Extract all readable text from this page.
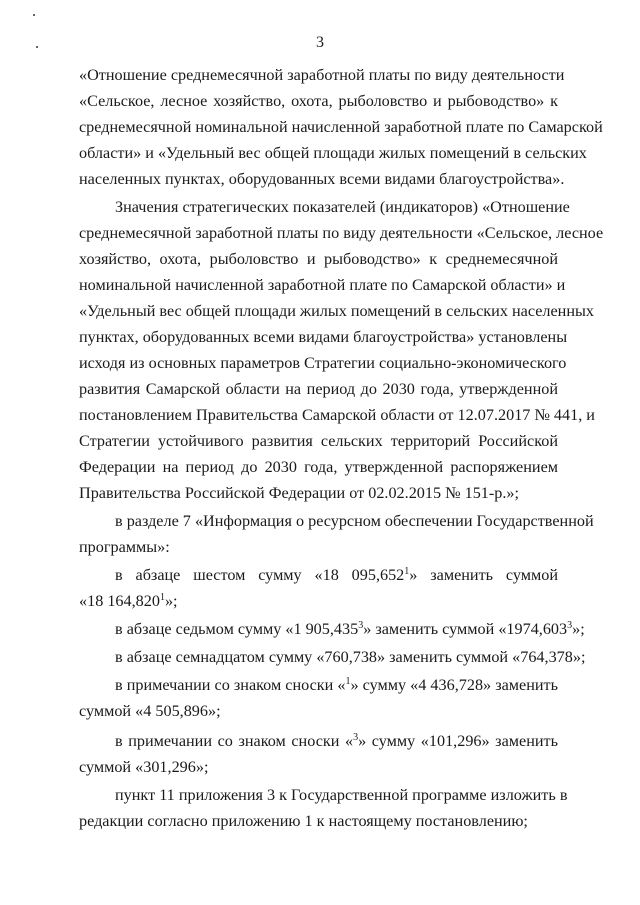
3
«Отношение среднемесячной заработной платы по виду деятельности
«Сельское, лесное хозяйство, охота, рыболовство и рыбоводство» к
среднемесячной номинальной начисленной заработной плате по Самарской
области» и «Удельный вес общей площади жилых помещений в сельских
населенных пунктах, оборудованных всеми видами благоустройства».
Значения стратегических показателей (индикаторов) «Отношение
среднемесячной заработной платы по виду деятельности «Сельское, лесное
хозяйство, охота, рыболовство и рыбоводство» к среднемесячной
номинальной начисленной заработной плате по Самарской области» и
«Удельный вес общей площади жилых помещений в сельских населенных
пунктах, оборудованных всеми видами благоустройства» установлены
исходя из основных параметров Стратегии социально-экономического
развития Самарской области на период до 2030 года, утвержденной
постановлением Правительства Самарской области от 12.07.2017 № 441, и
Стратегии устойчивого развития сельских территорий Российской
Федерации на период до 2030 года, утвержденной распоряжением
Правительства Российской Федерации от 02.02.2015 № 151-р.»;
в разделе 7 «Информация о ресурсном обеспечении Государственной
программы»:
в абзаце шестом сумму «18 095,652$^1$» заменить суммой
«18 164,820$^1$»;
в абзаце седьмом сумму «1 905,435$^3$» заменить суммой «1974,603$^3$»;
в абзаце семнадцатом сумму «760,738» заменить суммой «764,378»;
в примечании со знаком сноски «$^1$» сумму «4 436,728» заменить
суммой «4 505,896»;
в примечании со знаком сноски «$^3$» сумму «101,296» заменить
суммой «301,296»;
пункт 11 приложения 3 к Государственной программе изложить в
редакции согласно приложению 1 к настоящему постановлению;
